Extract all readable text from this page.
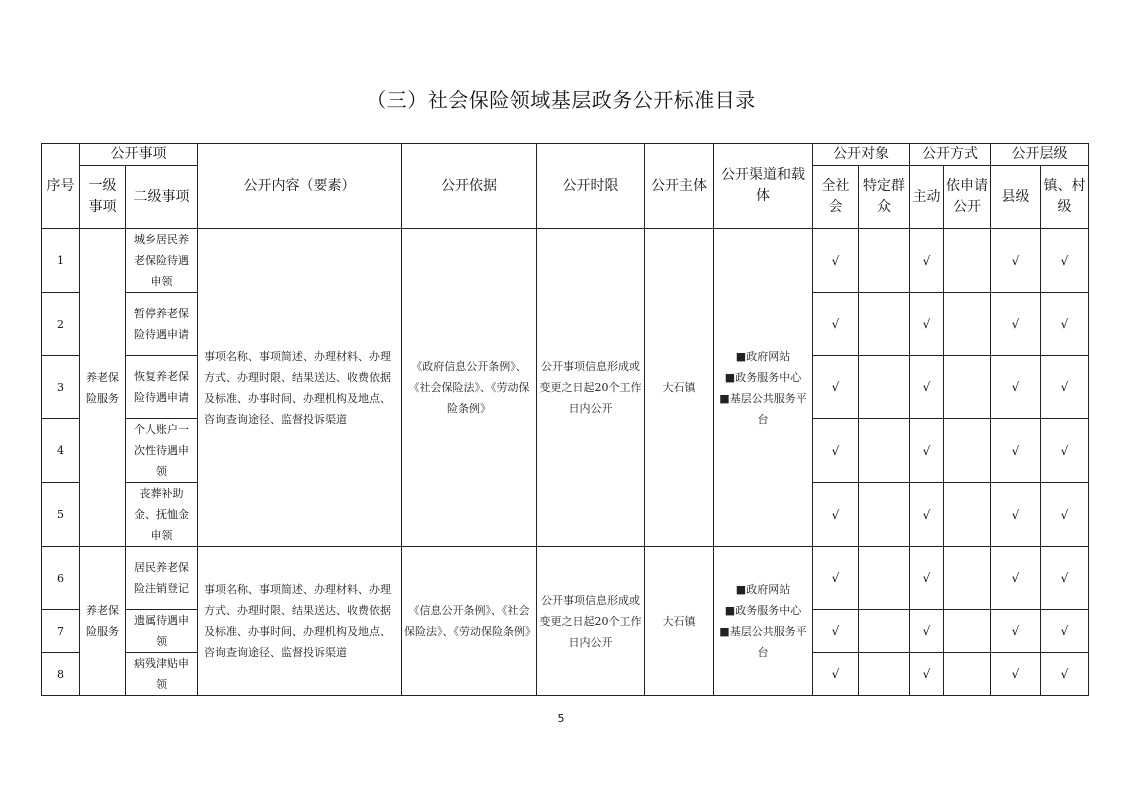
（三）社会保险领域基层政务公开标准目录
序号	公开事项		公开内容（要素）	公开依据	公开时限	公开主体	公开渠道和载体	公开对象		公开方式		公开层级	
	一级事项	二级事项						全社会	特定群众	主动	依申请公开	县级	镇、村级
1	养老保险服务	城乡居民养老保险待遇申领	事项名称、事项简述、办理材料、办理方式、办理时限、结果送达、收费依据及标准、办事时间、办理机构及地点、咨询查询途径、监督投诉渠道	《政府信息公开条例》、《社会保险法》、《劳动保险条例》	公开事项信息形成或变更之日起20个工作日内公开	大石镇	■政府网站
■政务服务中心
■基层公共服务平台	√		√		√	√
2		暂停养老保险待遇申请						√		√		√	√
3		恢复养老保险待遇申请						√		√		√	√
4		个人账户一次性待遇申领						√		√		√	√
5		丧葬补助金、抚恤金申领						√		√		√	√
6	养老保险服务	居民养老保险注销登记	事项名称、事项简述、办理材料、办理方式、办理时限、结果送达、收费依据及标准、办事时间、办理机构及地点、咨询查询途径、监督投诉渠道	《信息公开条例》、《社会保险法》、《劳动保险条例》	公开事项信息形成或变更之日起20个工作日内公开	大石镇	■政府网站
■政务服务中心
■基层公共服务平台	√		√		√	√
7		遗属待遇申领						√		√		√	√
8		病残津贴申领						√		√		√	√
5
